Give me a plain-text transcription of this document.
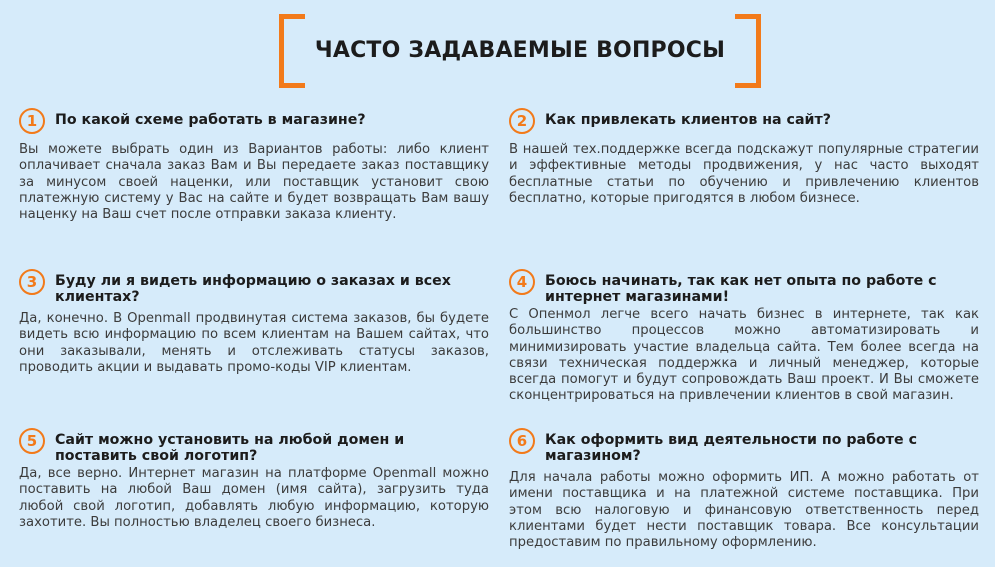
ЧАСТО ЗАДАВАЕМЫЕ ВОПРОСЫ
1	По какой схеме работать в магазине?
Вы можете выбрать один из Вариантов работы: либо клиент оплачивает сначала заказ Вам и Вы передаете заказ поставщику за минусом своей наценки, или поставщик установит свою платежную систему у Вас на сайте и будет возвращать Вам вашу наценку на Ваш счет после отправки заказа клиенту.
2	Как привлекать клиентов на сайт?
В нашей тех.поддержке всегда подскажут популярные стратегии и эффективные методы продвижения, у нас часто выходят бесплатные статьи по обучению и привлечению клиентов бесплатно, которые пригодятся в любом бизнесе.
3	Буду ли я видеть информацию о заказах и всех клиентах?
Да, конечно. В Openmall продвинутая система заказов, бы будете видеть всю информацию по всем клиентам на Вашем сайтах, что они заказывали, менять и отслеживать статусы заказов, проводить акции и выдавать промо-коды VIP клиентам.
4	Боюсь начинать, так как нет опыта по работе с интернет магазинами!
С Опенмол легче всего начать бизнес в интернете, так как большинство процессов можно автоматизировать и минимизировать участие владельца сайта. Тем более всегда на связи техническая поддержка и личный менеджер, которые всегда помогут и будут сопровождать Ваш проект. И Вы сможете сконцентрироваться на привлечении клиентов в свой магазин.
5	Сайт можно установить на любой домен и поставить свой логотип?
Да, все верно. Интернет магазин на платформе Openmall можно поставить на любой Ваш домен (имя сайта), загрузить туда любой свой логотип, добавлять любую информацию, которую захотите. Вы полностью владелец своего бизнеса.
6	Как оформить вид деятельности по работе с магазином?
Для начала работы можно оформить ИП. А можно работать от имени поставщика и на платежной системе поставщика. При этом всю налоговую и финансовую ответственность перед клиентами будет нести поставщик товара. Все консультации предоставим по правильному оформлению.
